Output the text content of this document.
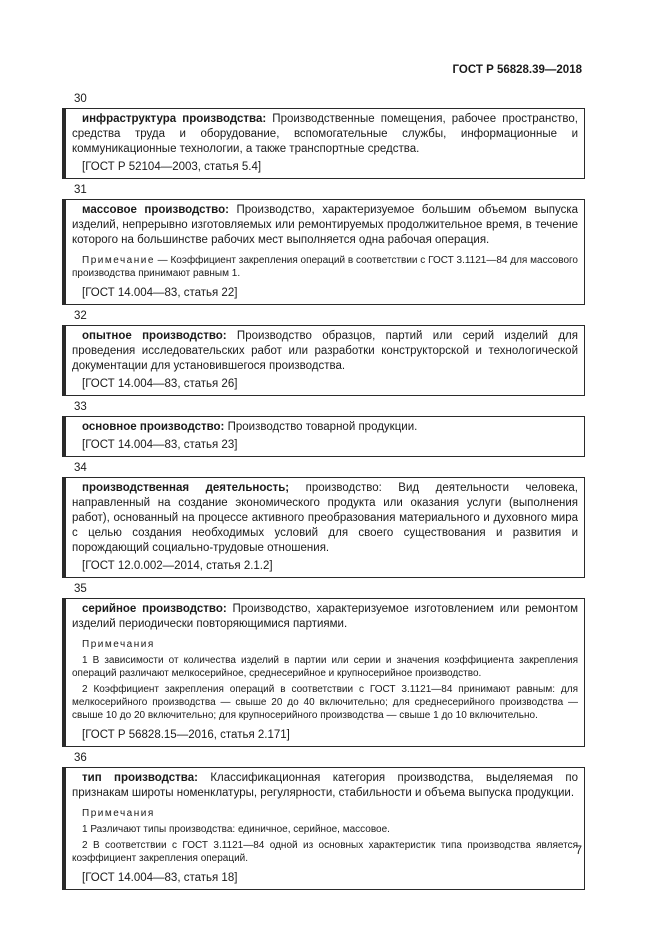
ГОСТ Р 56828.39—2018
30

инфраструктура производства: Производственные помещения, рабочее пространство, средства труда и оборудование, вспомогательные службы, информационные и коммуникационные технологии, а также транспортные средства.

[ГОСТ Р 52104—2003, статья 5.4]

31

массовое производство: Производство, характеризуемое большим объемом выпуска изделий, непрерывно изготовляемых или ремонтируемых продолжительное время, в течение которого на большинстве рабочих мест выполняется одна рабочая операция.

Примечание — Коэффициент закрепления операций в соответствии с ГОСТ 3.1121—84 для массового производства принимают равным 1.

[ГОСТ 14.004—83, статья 22]

32

опытное производство: Производство образцов, партий или серий изделий для проведения исследовательских работ или разработки конструкторской и технологической документации для установившегося производства.

[ГОСТ 14.004—83, статья 26]

33

основное производство: Производство товарной продукции.

[ГОСТ 14.004—83, статья 23]

34

производственная деятельность; производство: Вид деятельности человека, направленный на создание экономического продукта или оказания услуги (выполнения работ), основанный на процессе активного преобразования материального и духовного мира с целью создания необходимых условий для своего существования и развития и порождающий социально-трудовые отношения.

[ГОСТ 12.0.002—2014, статья 2.1.2]

35

серийное производство: Производство, характеризуемое изготовлением или ремонтом изделий периодически повторяющимися партиями.

Примечания

1 В зависимости от количества изделий в партии или серии и значения коэффициента закрепления операций различают мелкосерийное, среднесерийное и крупносерийное производство.

2 Коэффициент закрепления операций в соответствии с ГОСТ 3.1121—84 принимают равным: для мелкосерийного производства — свыше 20 до 40 включительно; для среднесерийного производства — свыше 10 до 20 включительно; для крупносерийного производства — свыше 1 до 10 включительно.

[ГОСТ Р 56828.15—2016, статья 2.171]

36

тип производства: Классификационная категория производства, выделяемая по признакам широты номенклатуры, регулярности, стабильности и объема выпуска продукции.

Примечания

1 Различают типы производства: единичное, серийное, массовое.

2 В соответствии с ГОСТ 3.1121—84 одной из основных характеристик типа производства является коэффициент закрепления операций.

[ГОСТ 14.004—83, статья 18]

7
